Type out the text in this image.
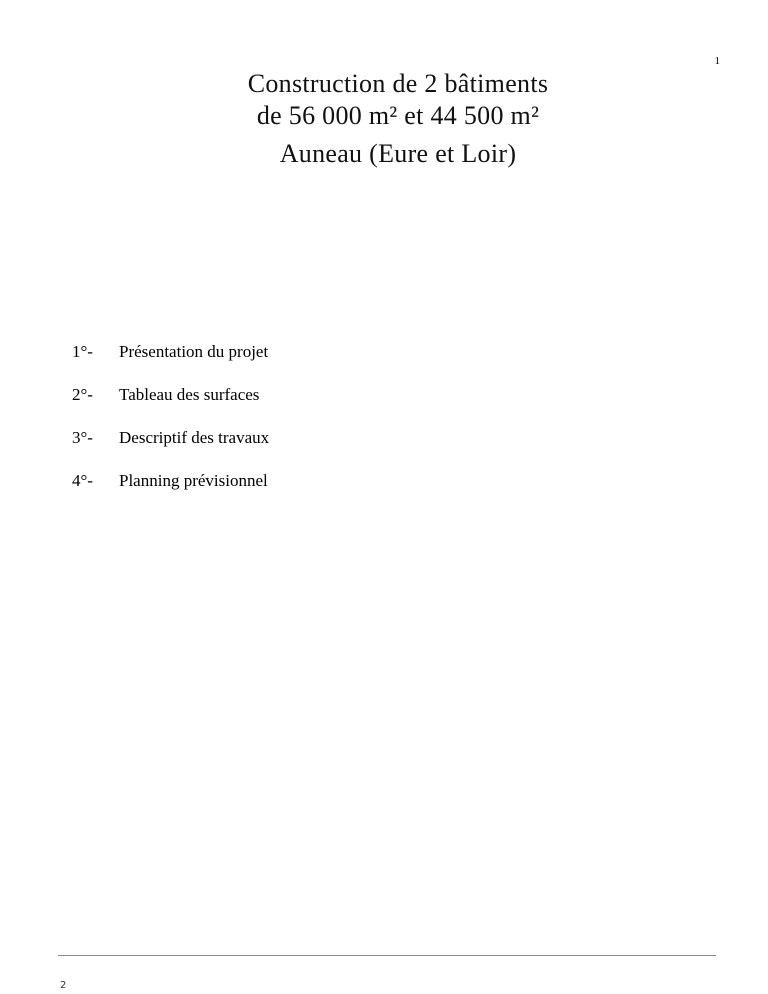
1
Construction de 2 bâtiments
de 56 000 m² et 44 500 m²
Auneau (Eure et Loir)
1°-	Présentation du projet
2°-	Tableau des surfaces
3°-	Descriptif des travaux
4°-	Planning prévisionnel
2
